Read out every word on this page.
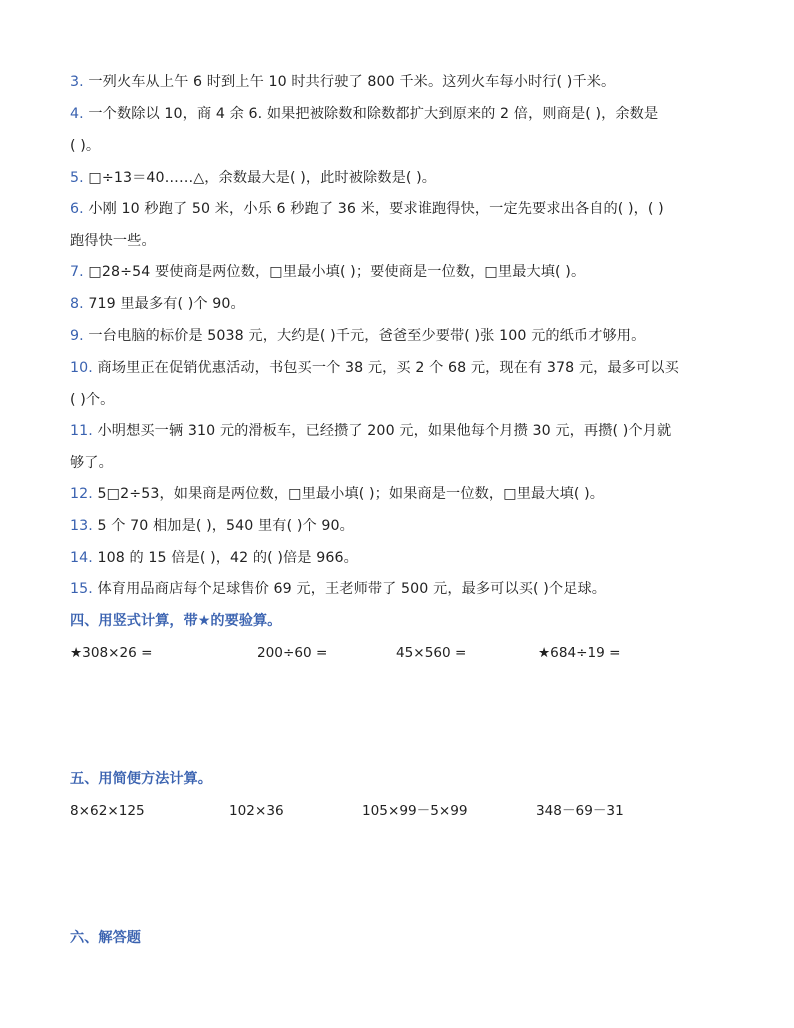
3. 一列火车从上午 6 时到上午 10 时共行驶了 800 千米。这列火车每小时行( )千米。
4. 一个数除以 10，商 4 余 6. 如果把被除数和除数都扩大到原来的 2 倍，则商是( )，余数是
( )。
5. □÷13＝40……△，余数最大是( )，此时被除数是( )。
6. 小刚 10 秒跑了 50 米，小乐 6 秒跑了 36 米，要求谁跑得快，一定先要求出各自的( )，( )
跑得快一些。
7. □28÷54 要使商是两位数，□里最小填( )；要使商是一位数，□里最大填( )。
8. 719 里最多有( )个 90。
9. 一台电脑的标价是 5038 元，大约是( )千元，爸爸至少要带( )张 100 元的纸币才够用。
10. 商场里正在促销优惠活动，书包买一个 38 元，买 2 个 68 元，现在有 378 元，最多可以买
( )个。
11. 小明想买一辆 310 元的滑板车，已经攒了 200 元，如果他每个月攒 30 元，再攒( )个月就
够了。
12. 5□2÷53，如果商是两位数，□里最小填( )；如果商是一位数，□里最大填( )。
13. 5 个 70 相加是( )，540 里有( )个 90。
14. 108 的 15 倍是( )，42 的( )倍是 966。
15. 体育用品商店每个足球售价 69 元，王老师带了 500 元，最多可以买( )个足球。
四、用竖式计算，带★的要验算。
★308×26 =	200÷60 =	45×560 =	★684÷19 =
五、用简便方法计算。
8×62×125	102×36	105×99－5×99	348－69－31
六、解答题
